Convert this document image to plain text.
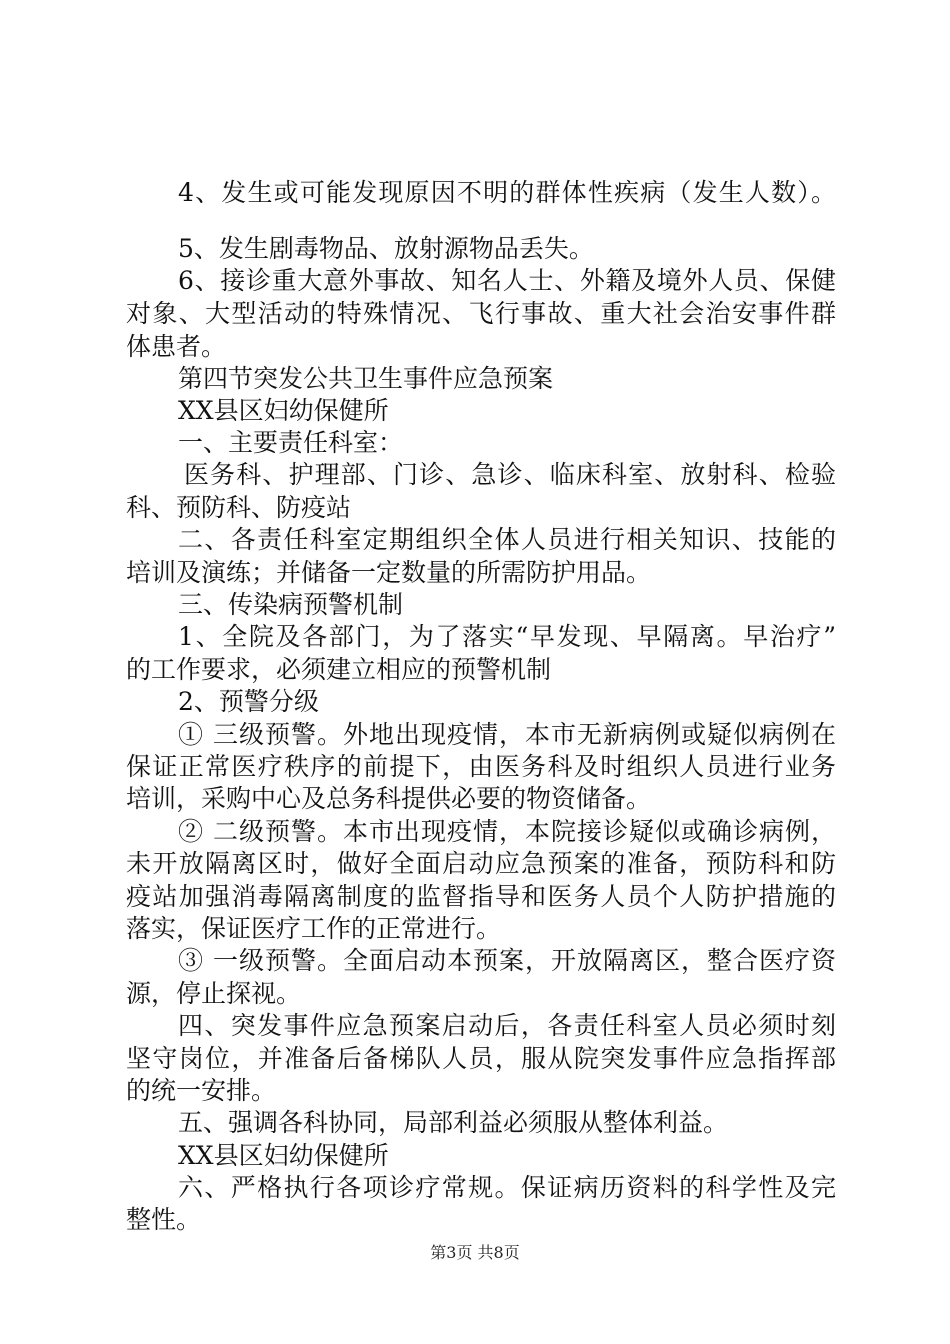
4、发生或可能发现原因不明的群体性疾病（发生人数）。
5、发生剧毒物品、放射源物品丢失。
6、接诊重大意外事故、知名人士、外籍及境外人员、保健
对象、大型活动的特殊情况、飞行事故、重大社会治安事件群
体患者。
第四节突发公共卫生事件应急预案
XX县区妇幼保健所
一、主要责任科室：
医务科、护理部、门诊、急诊、临床科室、放射科、检验
科、预防科、防疫站
二、各责任科室定期组织全体人员进行相关知识、技能的
培训及演练；并储备一定数量的所需防护用品。
三、传染病预警机制
1、全院及各部门，为了落实“早发现、早隔离。早治疗”
的工作要求，必须建立相应的预警机制
2、预警分级
① 三级预警。外地出现疫情，本市无新病例或疑似病例在
保证正常医疗秩序的前提下，由医务科及时组织人员进行业务
培训，采购中心及总务科提供必要的物资储备。
② 二级预警。本市出现疫情，本院接诊疑似或确诊病例，
未开放隔离区时，做好全面启动应急预案的准备，预防科和防
疫站加强消毒隔离制度的监督指导和医务人员个人防护措施的
落实，保证医疗工作的正常进行。
③ 一级预警。全面启动本预案，开放隔离区，整合医疗资
源，停止探视。
四、突发事件应急预案启动后，各责任科室人员必须时刻
坚守岗位，并准备后备梯队人员，服从院突发事件应急指挥部
的统一安排。
五、强调各科协同，局部利益必须服从整体利益。
XX县区妇幼保健所
六、严格执行各项诊疗常规。保证病历资料的科学性及完
整性。
第3页 共8页
